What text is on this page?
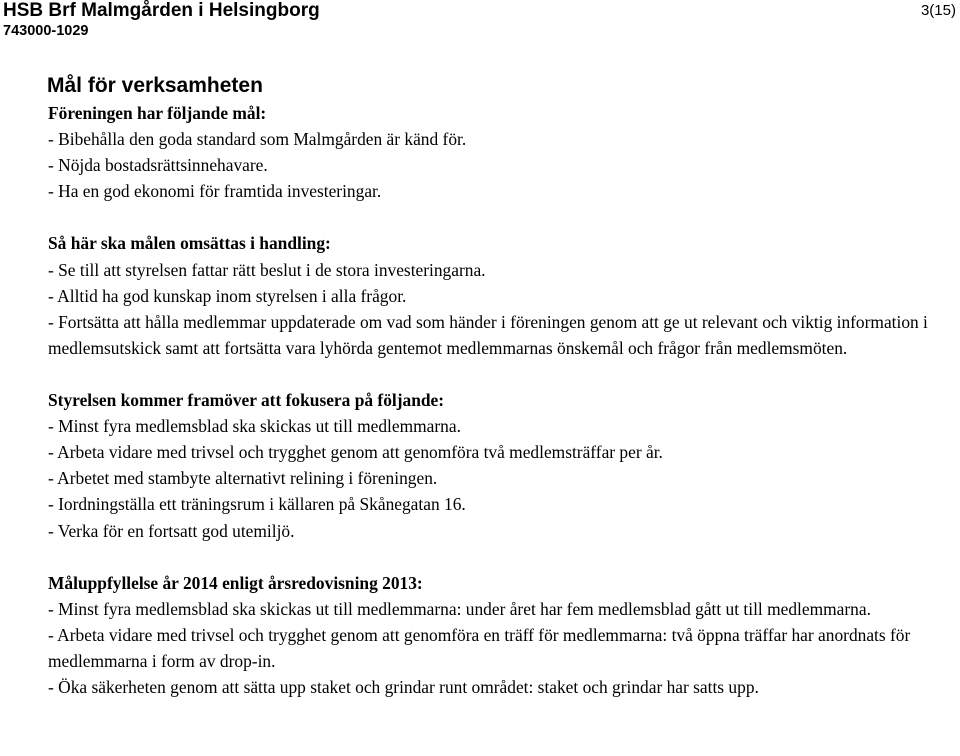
HSB Brf Malmgården i Helsingborg
743000-1029
3(15)
Mål för verksamheten
Föreningen har följande mål:
- Bibehålla den goda standard som Malmgården är känd för.
- Nöjda bostadsrättsinnehavare.
- Ha en god ekonomi för framtida investeringar.
Så här ska målen omsättas i handling:
- Se till att styrelsen fattar rätt beslut i de stora investeringarna.
- Alltid ha god kunskap inom styrelsen i alla frågor.
- Fortsätta att hålla medlemmar uppdaterade om vad som händer i föreningen genom att ge ut relevant och viktig information i medlemsutskick samt att fortsätta vara lyhörda gentemot medlemmarnas önskemål och frågor från medlemsmöten.
Styrelsen kommer framöver att fokusera på följande:
- Minst fyra medlemsblad ska skickas ut till medlemmarna.
- Arbeta vidare med trivsel och trygghet genom att genomföra två medlemsträffar per år.
- Arbetet med stambyte alternativt relining i föreningen.
- Iordningställa ett träningsrum i källaren på Skånegatan 16.
- Verka för en fortsatt god utemiljö.
Måluppfyllelse år 2014 enligt årsredovisning 2013:
- Minst fyra medlemsblad ska skickas ut till medlemmarna: under året har fem medlemsblad gått ut till medlemmarna.
- Arbeta vidare med trivsel och trygghet genom att genomföra en träff för medlemmarna: två öppna träffar har anordnats för medlemmarna i form av drop-in.
- Öka säkerheten genom att sätta upp staket och grindar runt området: staket och grindar har satts upp.
